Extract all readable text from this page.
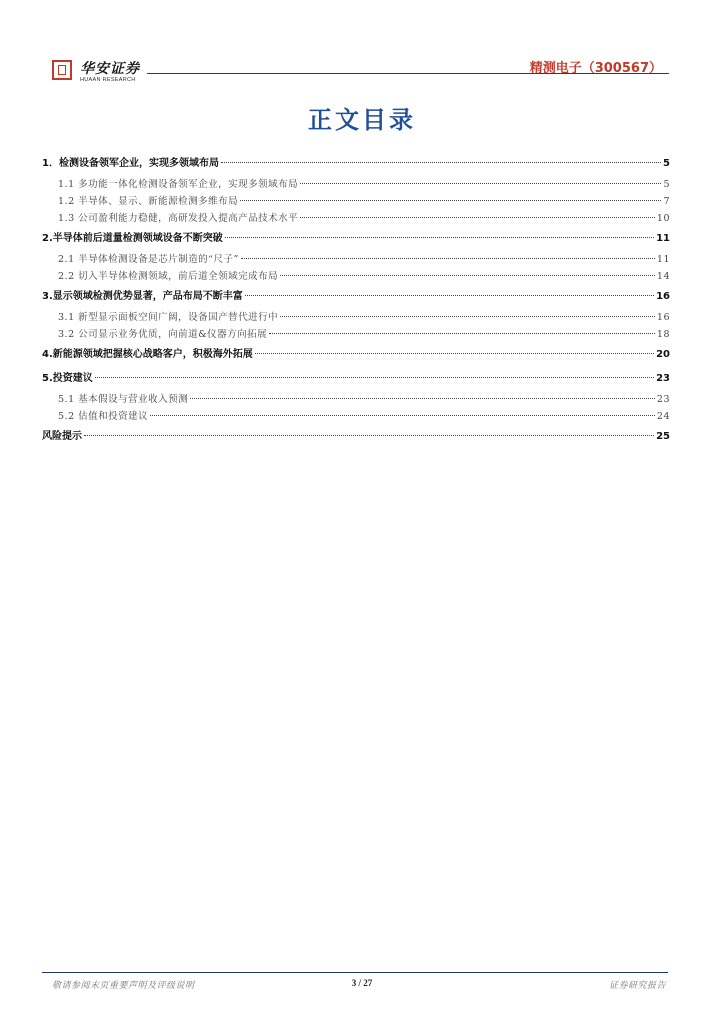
华安证券
HUAAN RESEARCH
精测电子（300567）
正文目录
1．检测设备领军企业，实现多领域布局	5
1.1 多功能一体化检测设备领军企业，实现多领域布局	5
1.2 半导体、显示、新能源检测多维布局	7
1.3 公司盈利能力稳健，高研发投入提高产品技术水平	10
2.半导体前后道量检测领域设备不断突破	11
2.1 半导体检测设备是芯片制造的“尺子”	11
2.2 切入半导体检测领域，前后道全领域完成布局	14
3.显示领域检测优势显著，产品布局不断丰富	16
3.1 新型显示面板空间广阔，设备国产替代进行中	16
3.2 公司显示业务优质，向前道&仪器方向拓展	18
4.新能源领域把握核心战略客户，积极海外拓展	20
5.投资建议	23
5.1 基本假设与营业收入预测	23
5.2 估值和投资建议	24
风险提示	25
敬请参阅末页重要声明及评级说明	3 / 27	证券研究报告
